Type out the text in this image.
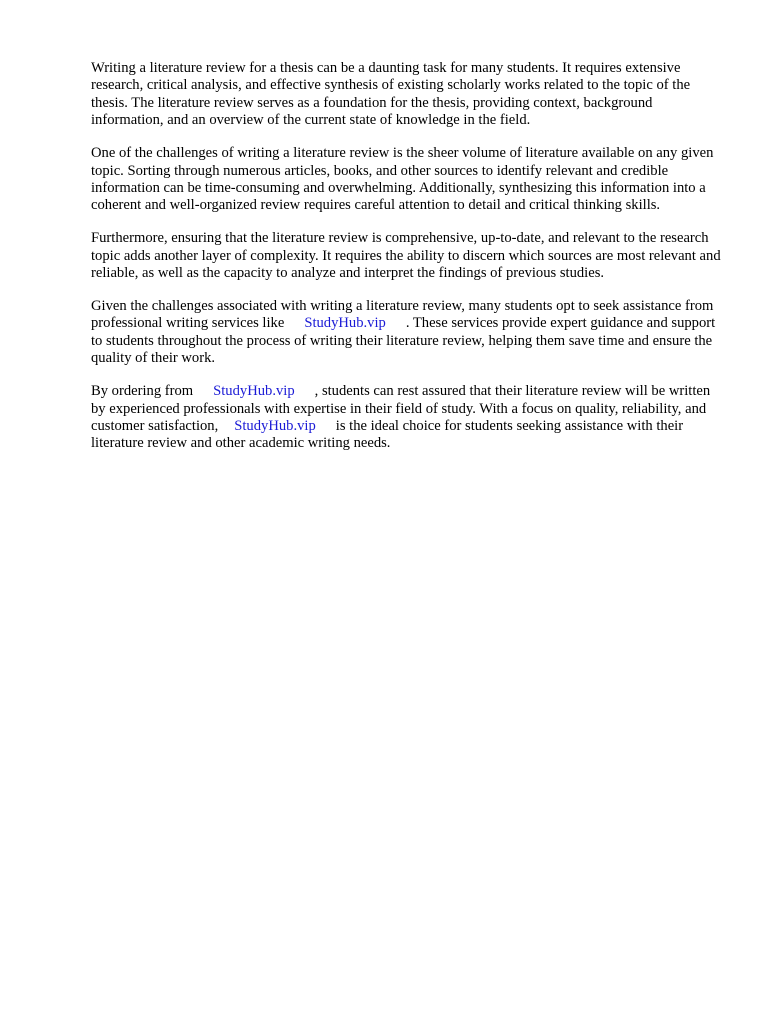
Writing a literature review for a thesis can be a daunting task for many students. It requires extensive research, critical analysis, and effective synthesis of existing scholarly works related to the topic of the thesis. The literature review serves as a foundation for the thesis, providing context, background information, and an overview of the current state of knowledge in the field.

One of the challenges of writing a literature review is the sheer volume of literature available on any given topic. Sorting through numerous articles, books, and other sources to identify relevant and credible information can be time-consuming and overwhelming. Additionally, synthesizing this information into a coherent and well-organized review requires careful attention to detail and critical thinking skills.

Furthermore, ensuring that the literature review is comprehensive, up-to-date, and relevant to the research topic adds another layer of complexity. It requires the ability to discern which sources are most relevant and reliable, as well as the capacity to analyze and interpret the findings of previous studies.

Given the challenges associated with writing a literature review, many students opt to seek assistance from professional writing services like StudyHub.vip . These services provide expert guidance and support to students throughout the process of writing their literature review, helping them save time and ensure the quality of their work.

By ordering from StudyHub.vip , students can rest assured that their literature review will be written by experienced professionals with expertise in their field of study. With a focus on quality, reliability, and customer satisfaction, StudyHub.vip is the ideal choice for students seeking assistance with their literature review and other academic writing needs.
